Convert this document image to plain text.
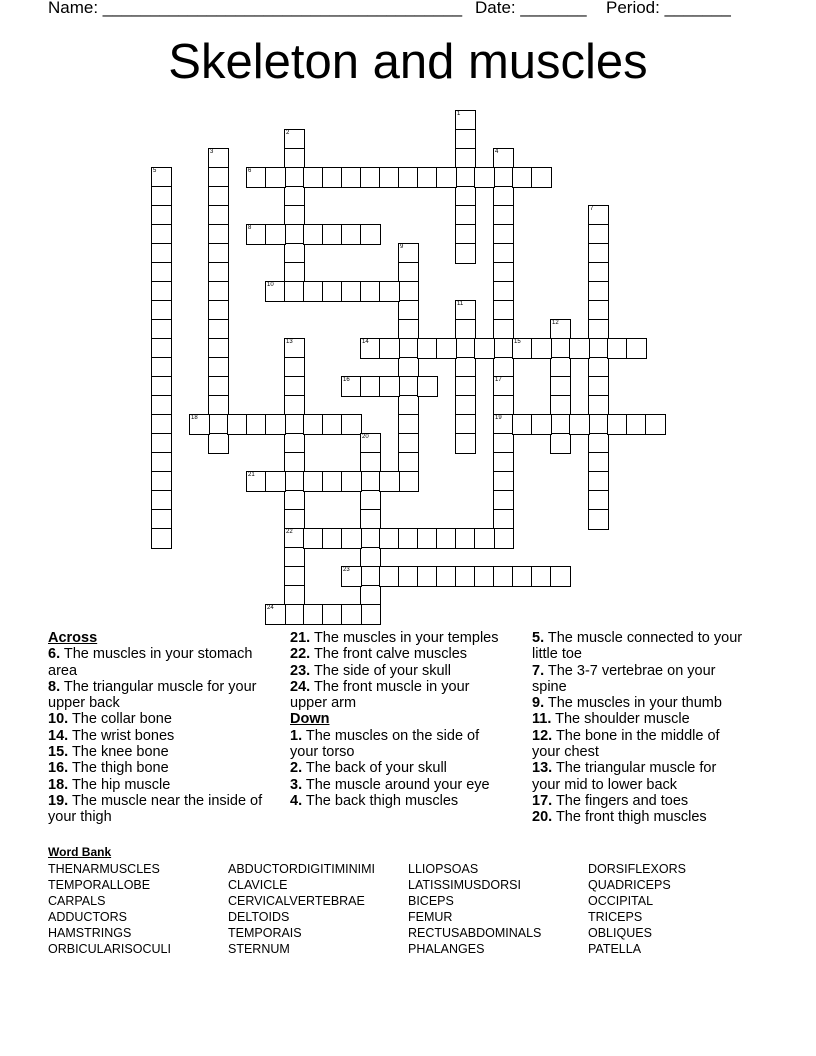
Name: ______________________________________ Date: _______ Period: _______
Skeleton and muscles
1
2
3	4
17
19
5	6
7
8
9
10
11
12
13
22
14	15
16
18
20
21
23
24
Across
6. The muscles in your stomach area
8. The triangular muscle for your upper back
10. The collar bone
14. The wrist bones
15. The knee bone
16. The thigh bone
18. The hip muscle
19. The muscle near the inside of your thigh
21. The muscles in your temples
22. The front calve muscles
23. The side of your skull
24. The front muscle in your upper arm
Down
1. The muscles on the side of your torso
2. The back of your skull
3. The muscle around your eye
4. The back thigh muscles
5. The muscle connected to your little toe
7. The 3-7 vertebrae on your spine
9. The muscles in your thumb
11. The shoulder muscle
12. The bone in the middle of your chest
13. The triangular muscle for your mid to lower back
17. The fingers and toes
20. The front thigh muscles
Word Bank
THENARMUSCLES
TEMPORALLOBE
CARPALS
ADDUCTORS
HAMSTRINGS
ORBICULARISOCULI
ABDUCTORDIGITIMINIMI
CLAVICLE
CERVICALVERTEBRAE
DELTOIDS
TEMPORAIS
STERNUM
LLIOPSOAS
LATISSIMUSDORSI
BICEPS
FEMUR
RECTUSABDOMINALS
PHALANGES
DORSIFLEXORS
QUADRICEPS
OCCIPITAL
TRICEPS
OBLIQUES
PATELLA
